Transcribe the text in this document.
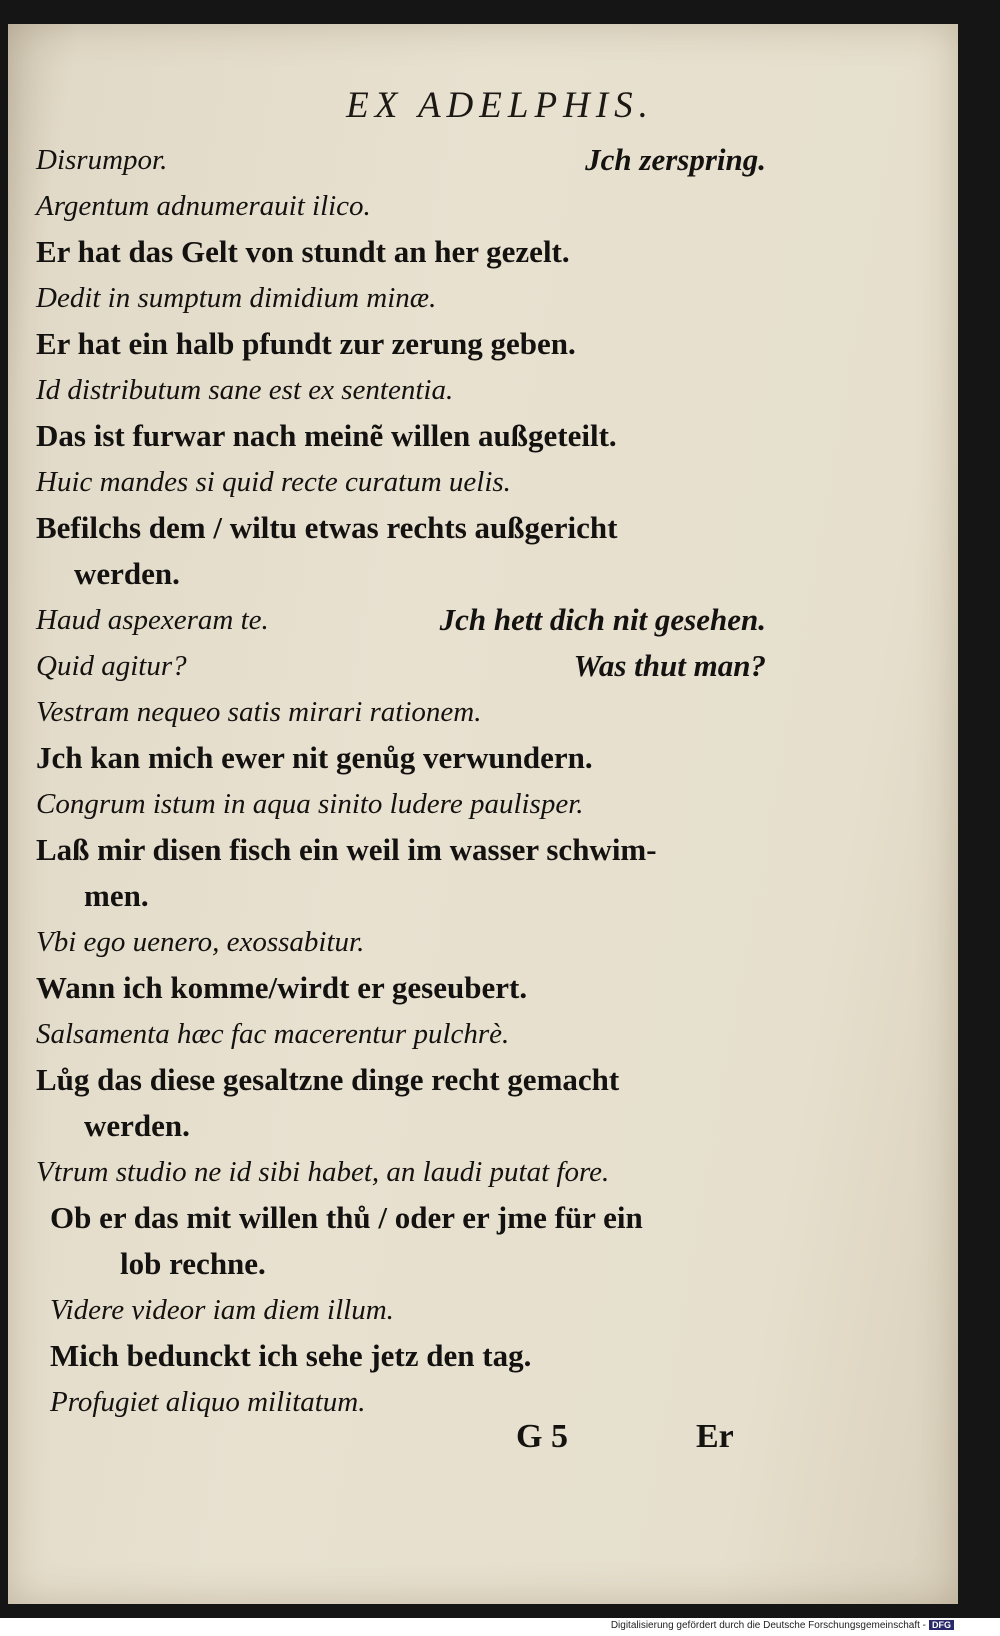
EX ADELPHIS.
Disrumpor.	Jch zerspring.
Argentum adnumerauit ilico.
Er hat das Gelt von stundt an her gezelt.
Dedit in sumptum dimidium minæ.
Er hat ein halb pfundt zur zerung geben.
Id distributum sane est ex sententia.
Das ist furwar nach meinẽ willen außgeteilt.
Huic mandes si quid recte curatum uelis.
Befilchs dem / wiltu etwas rechts außgericht
werden.
Haud aspexeram te.	Jch hett dich nit gesehen.
Quid agitur?	Was thut man?
Vestram nequeo satis mirari rationem.
Jch kan mich ewer nit genůg verwundern.
Congrum istum in aqua sinito ludere paulisper.
Laß mir disen fisch ein weil im wasser schwim-
men.
Vbi ego uenero, exossabitur.
Wann ich komme/wirdt er geseubert.
Salsamenta hæc fac macerentur pulchrè.
Lůg das diese gesaltzne dinge recht gemacht
werden.
Vtrum studio ne id sibi habet, an laudi putat fore.
Ob er das mit willen thů / oder er jme für ein
lob rechne.
Videre videor iam diem illum.
Mich bedunckt ich sehe jetz den tag.
Profugiet aliquo militatum.
G 5	Er
Digitalisierung gefördert durch die Deutsche Forschungsgemeinschaft - DFG
